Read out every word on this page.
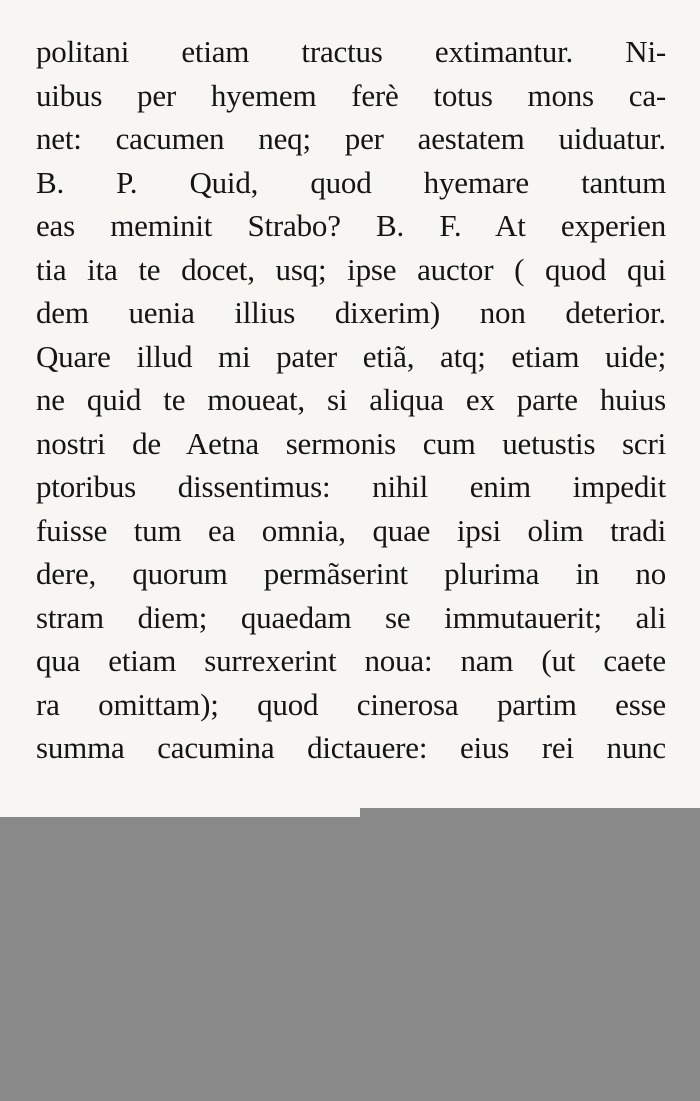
politani etiam tractus extimantur. Ni-
uibus per hyemem ferè totus mons ca-
net: cacumen neq; per aestatem uiduatur.
B. P. Quid, quod hyemare tantum
eas meminit Strabo? B. F. At experien
tia ita te docet, usq; ipse auctor ( quod qui
dem uenia illius dixerim) non deterior.
Quare illud mi pater etiã, atq; etiam uide;
ne quid te moueat, si aliqua ex parte huius
nostri de Aetna sermonis cum uetustis scri
ptoribus dissentimus: nihil enim impedit
fuisse tum ea omnia, quae ipsi olim tradi
dere, quorum permãserint plurima in no
stram diem; quaedam se immutauerit; ali
qua etiam surrexerint noua: nam (ut caete
ra omittam); quod cinerosa partim esse
summa cacumina dictauere: eius rei nunc
